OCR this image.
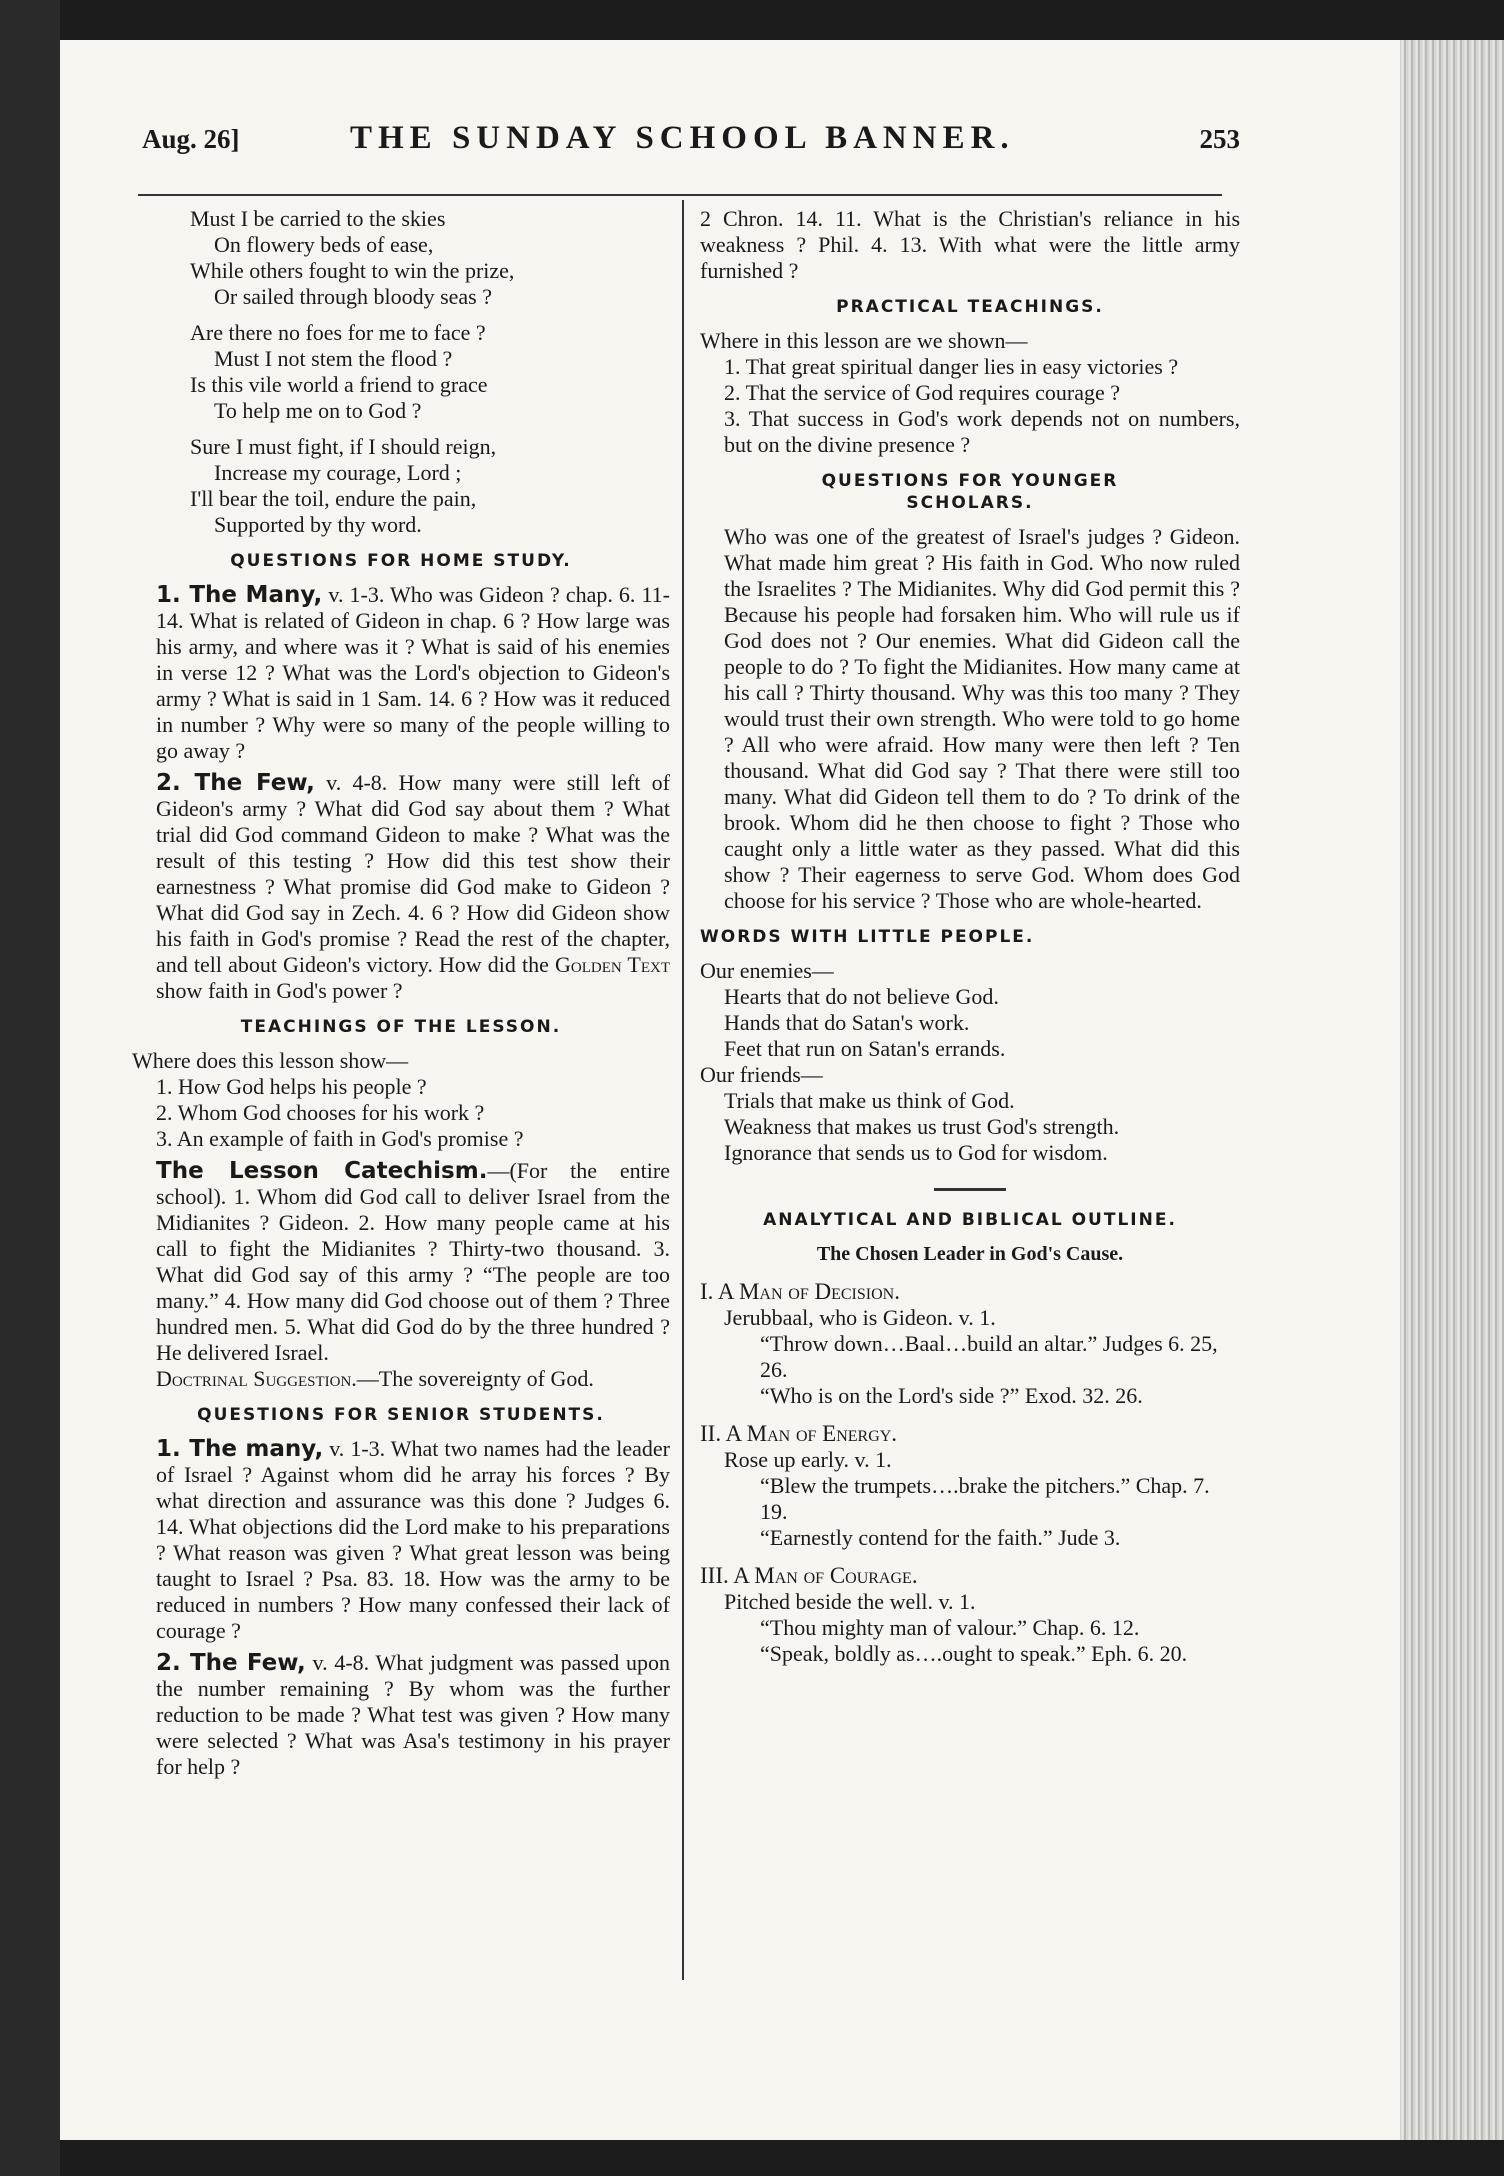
Aug. 26]	THE SUNDAY SCHOOL BANNER.	253
Must I be carried to the skies
On flowery beds of ease,
While others fought to win the prize,
Or sailed through bloody seas ?
Are there no foes for me to face ?
Must I not stem the flood ?
Is this vile world a friend to grace
To help me on to God ?
Sure I must fight, if I should reign,
Increase my courage, Lord ;
I'll bear the toil, endure the pain,
Supported by thy word.
QUESTIONS FOR HOME STUDY.

1. The Many, v. 1-3. Who was Gideon ? chap. 6. 11-14. What is related of Gideon in chap. 6 ? How large was his army, and where was it ? What is said of his enemies in verse 12 ? What was the Lord's objection to Gideon's army ? What is said in 1 Sam. 14. 6 ? How was it reduced in number ? Why were so many of the people willing to go away ?

2. The Few, v. 4-8. How many were still left of Gideon's army ? What did God say about them ? What trial did God command Gideon to make ? What was the result of this testing ? How did this test show their earnestness ? What promise did God make to Gideon ? What did God say in Zech. 4. 6 ? How did Gideon show his faith in God's promise ? Read the rest of the chapter, and tell about Gideon's victory. How did the Golden Text show faith in God's power ?

TEACHINGS OF THE LESSON.

Where does this lesson show—

1. How God helps his people ?

2. Whom God chooses for his work ?

3. An example of faith in God's promise ?

The Lesson Catechism.—(For the entire school). 1. Whom did God call to deliver Israel from the Midianites ? Gideon. 2. How many people came at his call to fight the Midianites ? Thirty-two thousand. 3. What did God say of this army ? “The people are too many.” 4. How many did God choose out of them ? Three hundred men. 5. What did God do by the three hundred ? He delivered Israel.

Doctrinal Suggestion.—The sovereignty of God.

QUESTIONS FOR SENIOR STUDENTS.

1. The many, v. 1-3. What two names had the leader of Israel ? Against whom did he array his forces ? By what direction and assurance was this done ? Judges 6. 14. What objections did the Lord make to his preparations ? What reason was given ? What great lesson was being taught to Israel ? Psa. 83. 18. How was the army to be reduced in numbers ? How many confessed their lack of courage ?

2. The Few, v. 4-8. What judgment was passed upon the number remaining ? By whom was the further reduction to be made ? What test was given ? How many were selected ? What was Asa's testimony in his prayer for help ?

2 Chron. 14. 11. What is the Christian's reliance in his weakness ? Phil. 4. 13. With what were the little army furnished ?

PRACTICAL TEACHINGS.

Where in this lesson are we shown—

1. That great spiritual danger lies in easy victories ?

2. That the service of God requires courage ?

3. That success in God's work depends not on numbers, but on the divine presence ?

QUESTIONS FOR YOUNGER
SCHOLARS.

Who was one of the greatest of Israel's judges ? Gideon. What made him great ? His faith in God. Who now ruled the Israelites ? The Midianites. Why did God permit this ? Because his people had forsaken him. Who will rule us if God does not ? Our enemies. What did Gideon call the people to do ? To fight the Midianites. How many came at his call ? Thirty thousand. Why was this too many ? They would trust their own strength. Who were told to go home ? All who were afraid. How many were then left ? Ten thousand. What did God say ? That there were still too many. What did Gideon tell them to do ? To drink of the brook. Whom did he then choose to fight ? Those who caught only a little water as they passed. What did this show ? Their eagerness to serve God. Whom does God choose for his service ? Those who are whole-hearted.

WORDS WITH LITTLE PEOPLE.

Our enemies—

Hearts that do not believe God.

Hands that do Satan's work.

Feet that run on Satan's errands.

Our friends—

Trials that make us think of God.

Weakness that makes us trust God's strength.

Ignorance that sends us to God for wisdom.

ANALYTICAL AND BIBLICAL OUTLINE.
The Chosen Leader in God's Cause.
I. A Man of Decision.

Jerubbaal, who is Gideon. v. 1.

“Throw down…Baal…build an altar.” Judges 6. 25, 26.

“Who is on the Lord's side ?” Exod. 32. 26.

II. A Man of Energy.

Rose up early. v. 1.

“Blew the trumpets….brake the pitchers.” Chap. 7. 19.

“Earnestly contend for the faith.” Jude 3.

III. A Man of Courage.

Pitched beside the well. v. 1.

“Thou mighty man of valour.” Chap. 6. 12.

“Speak, boldly as….ought to speak.” Eph. 6. 20.
